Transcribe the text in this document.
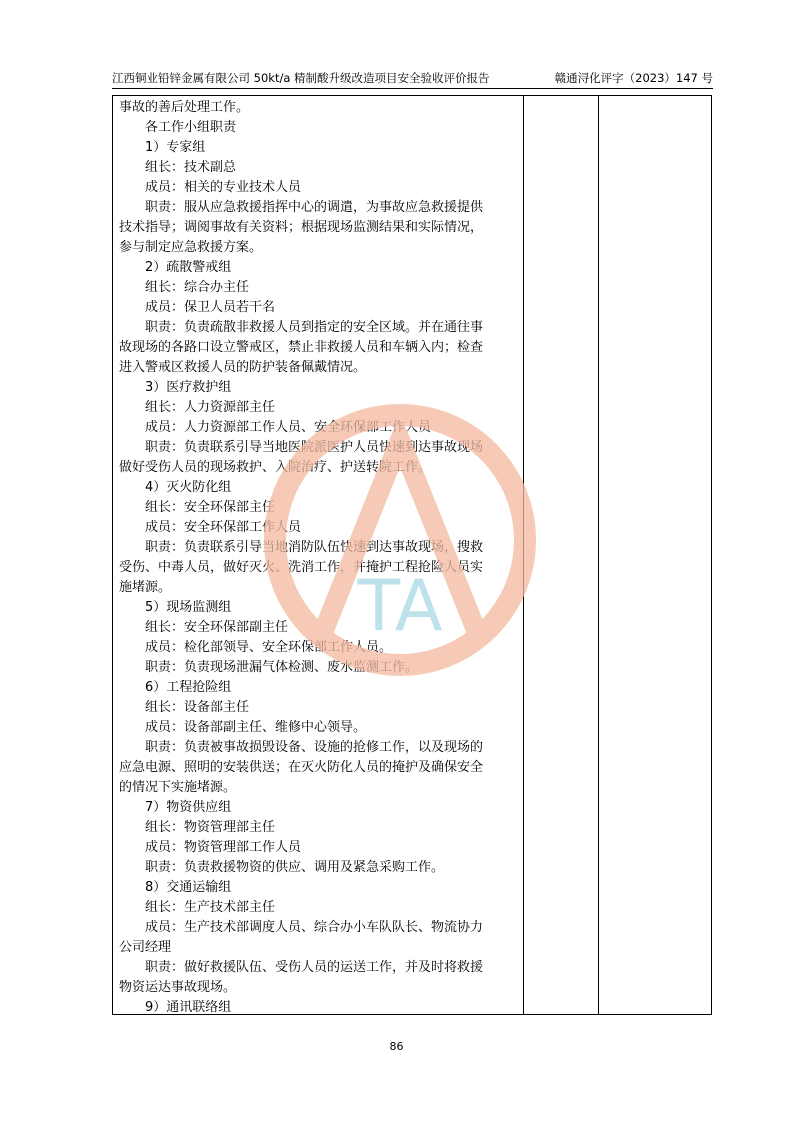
江西铜业铅锌金属有限公司 50kt/a 精制酸升级改造项目安全验收评价报告	赣通浔化评字（2023）147 号

事故的善后处理工作。

各工作小组职责

1）专家组

组长：技术副总

成员：相关的专业技术人员

职责：服从应急救援指挥中心的调遣，为事故应急救援提供

技术指导；调阅事故有关资料；根据现场监测结果和实际情况，

参与制定应急救援方案。

2）疏散警戒组

组长：综合办主任

成员：保卫人员若干名

职责：负责疏散非救援人员到指定的安全区域。并在通往事

故现场的各路口设立警戒区，禁止非救援人员和车辆入内；检查

进入警戒区救援人员的防护装备佩戴情况。

3）医疗救护组

组长：人力资源部主任

成员：人力资源部工作人员、安全环保部工作人员

职责：负责联系引导当地医院派医护人员快速到达事故现场

做好受伤人员的现场救护、入院治疗、护送转院工作。

4）灭火防化组

组长：安全环保部主任

成员：安全环保部工作人员

职责：负责联系引导当地消防队伍快速到达事故现场，搜救

受伤、中毒人员，做好灭火、洗消工作，并掩护工程抢险人员实

施堵源。

5）现场监测组

组长：安全环保部副主任

成员：检化部领导、安全环保部工作人员。

职责：负责现场泄漏气体检测、废水监测工作。

6）工程抢险组

组长：设备部主任

成员：设备部副主任、维修中心领导。

职责：负责被事故损毁设备、设施的抢修工作，以及现场的

应急电源、照明的安装供送；在灭火防化人员的掩护及确保安全

的情况下实施堵源。

7）物资供应组

组长：物资管理部主任

成员：物资管理部工作人员

职责：负责救援物资的供应、调用及紧急采购工作。

8）交通运输组

组长：生产技术部主任

成员：生产技术部调度人员、综合办小车队队长、物流协力

公司经理

职责：做好救援队伍、受伤人员的运送工作，并及时将救援

物资运达事故现场。

9）通讯联络组

TA
86
